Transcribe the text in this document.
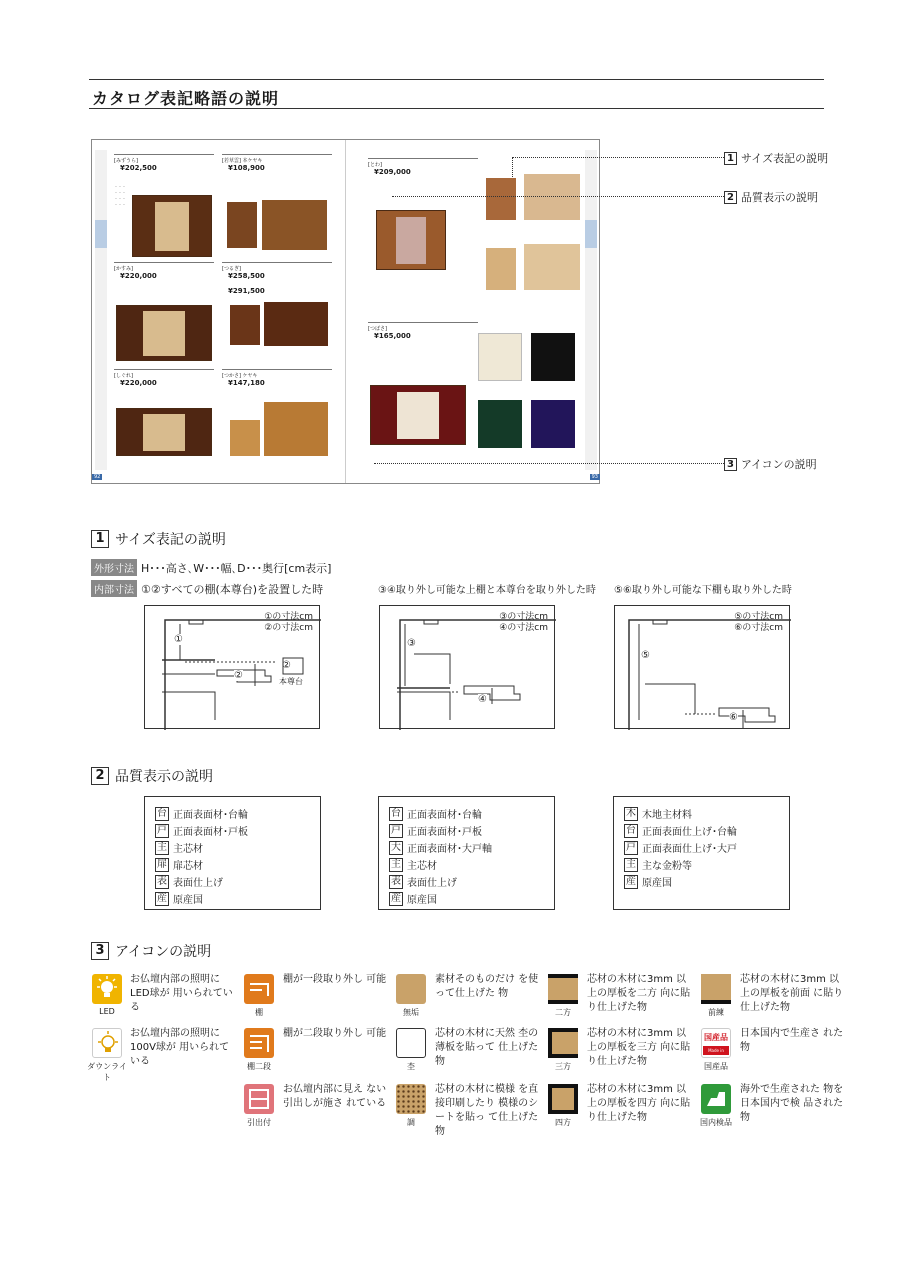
カタログ表記略語の説明
[みずうら]
¥202,500
・・・
・・・
・・・
・・・
[かすみ]
¥220,000
[しぐれ]
¥220,000
[若草雲] 本ケヤキ
¥108,900
[つるぎ]
¥258,500
¥291,500
[つかさ] ケヤキ
¥147,180
92
[とわ]
¥209,000
[つばさ]
¥165,000
93
1 サイズ表記の説明
2 品質表示の説明
3 アイコンの説明
1 サイズ表記の説明
外形寸法 H･･･高さ､W･･･幅､D･･･奥行[cm表示]
内部寸法 ①②すべての棚(本尊台)を設置した時	③④取り外し可能な上棚と本尊台を取り外した時 ⑤⑥取り外し可能な下棚も取り外した時
①の寸法cm
②の寸法cm
①
②
②
本尊台
③の寸法cm
④の寸法cm
③
④
⑤の寸法cm
⑥の寸法cm
⑤
⑥
2 品質表示の説明
台 正面表面材･台輪
戸 正面表面材･戸板
主 主芯材
扉 扉芯材
表 表面仕上げ
産 原産国
台 正面表面材･台輪
戸 正面表面材･戸板
大 正面表面材･大戸軸
主 主芯材
表 表面仕上げ
産 原産国
木 木地主材料
台 正面表面仕上げ･台輪
戸 正面表面仕上げ･大戸
主 主な金粉等
産 原産国
3 アイコンの説明
LED
お仏壇内部の照明に LED球が 用いられている
ダウンライト
お仏壇内部の照明に 100V球が 用いられている
棚
棚が一段取り外し 可能
棚二段
棚が二段取り外し 可能
引出付
お仏壇内部に見え ない引出しが施さ れている
無垢
素材そのものだけ を使って仕上げた 物
杢
芯材の木材に天然 杢の薄板を貼って 仕上げた物
調
芯材の木材に模様 を直接印刷したり 模様のシートを貼っ て仕上げた物
二方
芯材の木材に3mm 以上の厚板を二方 向に貼り仕上げた物
三方
芯材の木材に3mm 以上の厚板を三方 向に貼り仕上げた物
四方
芯材の木材に3mm 以上の厚板を四方 向に貼り仕上げた物
前練
芯材の木材に3mm 以上の厚板を前面 に貼り仕上げた物
国産品
Made in Japan
国産品
日本国内で生産さ れた物
国内検品
海外で生産された 物を日本国内で検 品された物
